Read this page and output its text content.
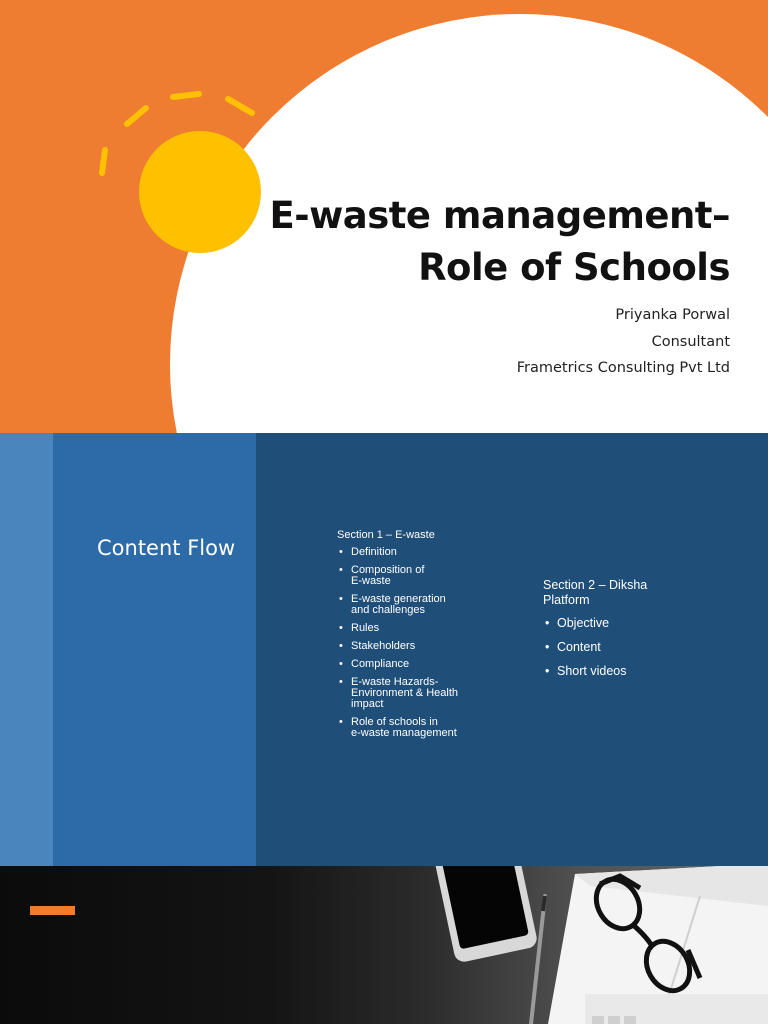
E-waste management–
Role of Schools
Priyanka Porwal
Consultant
Frametrics Consulting Pvt Ltd
Content Flow
Section 1 – E-waste
• Definition
• Composition of
E-waste
• E-waste generation
and challenges
• Rules
• Stakeholders
• Compliance
• E-waste Hazards-
Environment & Health
impact
• Role of schools in
e-waste management
Section 2 – Diksha
Platform
• Objective
• Content
• Short videos
